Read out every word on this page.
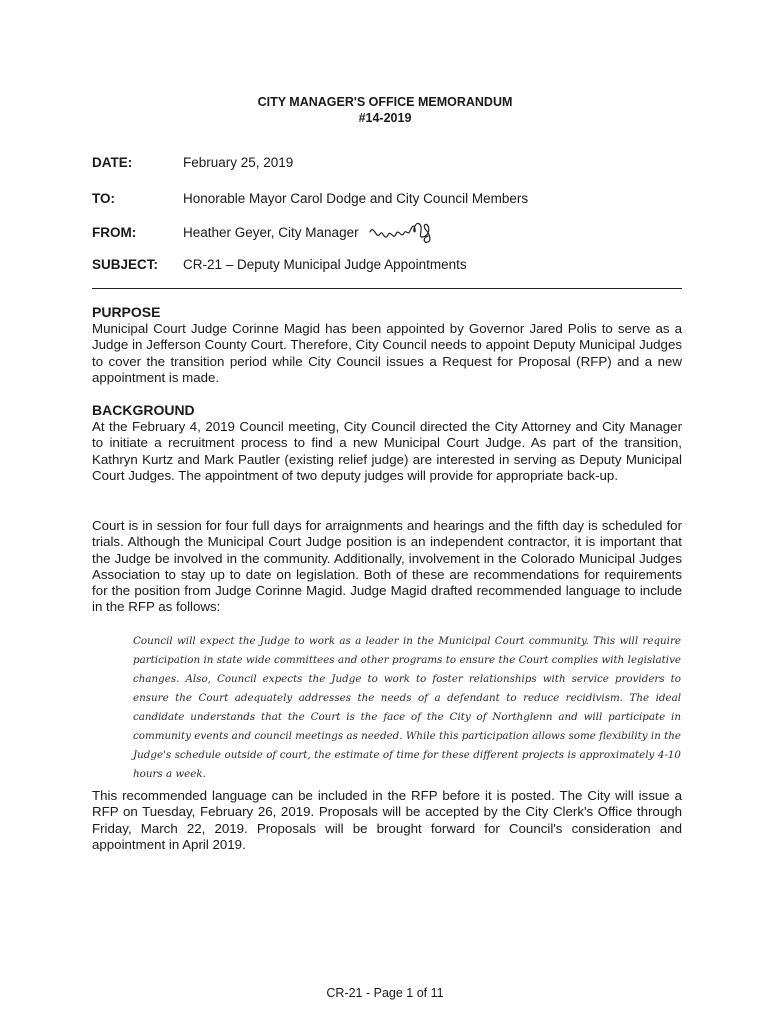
CITY MANAGER'S OFFICE MEMORANDUM
#14-2019
DATE:	February 25, 2019
TO:	Honorable Mayor Carol Dodge and City Council Members
FROM:	Heather Geyer, City Manager
SUBJECT: CR-21 – Deputy Municipal Judge Appointments
PURPOSE
Municipal Court Judge Corinne Magid has been appointed by Governor Jared Polis to serve as a Judge in Jefferson County Court. Therefore, City Council needs to appoint Deputy Municipal Judges to cover the transition period while City Council issues a Request for Proposal (RFP) and a new appointment is made.
BACKGROUND
At the February 4, 2019 Council meeting, City Council directed the City Attorney and City Manager to initiate a recruitment process to find a new Municipal Court Judge. As part of the transition, Kathryn Kurtz and Mark Pautler (existing relief judge) are interested in serving as Deputy Municipal Court Judges. The appointment of two deputy judges will provide for appropriate back-up.
Court is in session for four full days for arraignments and hearings and the fifth day is scheduled for trials. Although the Municipal Court Judge position is an independent contractor, it is important that the Judge be involved in the community. Additionally, involvement in the Colorado Municipal Judges Association to stay up to date on legislation. Both of these are recommendations for requirements for the position from Judge Corinne Magid. Judge Magid drafted recommended language to include in the RFP as follows:
Council will expect the Judge to work as a leader in the Municipal Court community. This will require participation in state wide committees and other programs to ensure the Court complies with legislative changes. Also, Council expects the Judge to work to foster relationships with service providers to ensure the Court adequately addresses the needs of a defendant to reduce recidivism. The ideal candidate understands that the Court is the face of the City of Northglenn and will participate in community events and council meetings as needed. While this participation allows some flexibility in the Judge's schedule outside of court, the estimate of time for these different projects is approximately 4-10 hours a week.
This recommended language can be included in the RFP before it is posted. The City will issue a RFP on Tuesday, February 26, 2019. Proposals will be accepted by the City Clerk's Office through Friday, March 22, 2019. Proposals will be brought forward for Council's consideration and appointment in April 2019.
CR-21 - Page 1 of 11
